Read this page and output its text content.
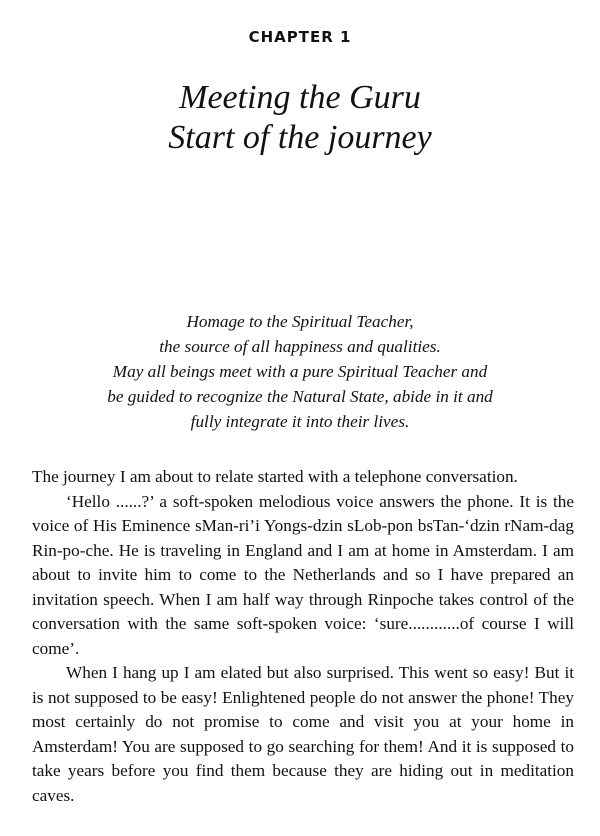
CHAPTER 1
Meeting the Guru
Start of the journey
Homage to the Spiritual Teacher,
the source of all happiness and qualities.
May all beings meet with a pure Spiritual Teacher and
be guided to recognize the Natural State, abide in it and
fully integrate it into their lives.

The journey I am about to relate started with a telephone conversation.

‘Hello ......?’ a soft-spoken melodious voice answers the phone. It is the voice of His Eminence sMan-ri’i Yongs-dzin sLob-pon bsTan-‘dzin rNam-dag Rin-po-che. He is traveling in England and I am at home in Amsterdam. I am about to invite him to come to the Netherlands and so I have prepared an invitation speech. When I am half way through Rinpoche takes control of the conversation with the same soft-spoken voice: ‘sure............of course I will come’.

When I hang up I am elated but also surprised. This went so easy! But it is not supposed to be easy! Enlightened people do not answer the phone! They most certainly do not promise to come and visit you at your home in Amsterdam! You are supposed to go searching for them! And it is supposed to take years before you find them because they are hiding out in meditation caves.
